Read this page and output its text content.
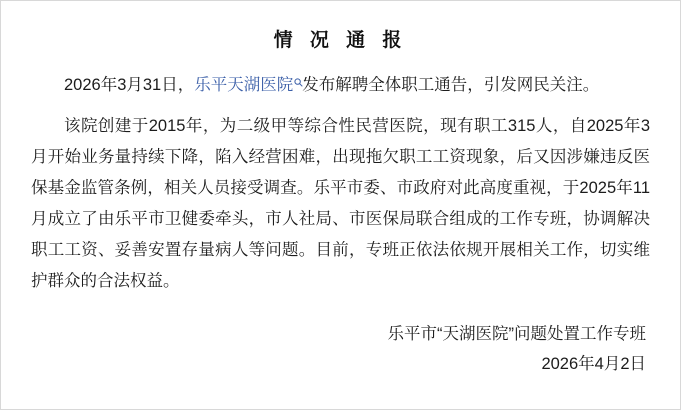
情 况 通 报

2026年3月31日，乐平天湖医院 发布解聘全体职工通告，引发网民关注。

该院创建于2015年，为二级甲等综合性民营医院，现有职工315人，自2025年3月开始业务量持续下降，陷入经营困难，出现拖欠职工工资现象，后又因涉嫌违反医保基金监管条例，相关人员接受调查。乐平市委、市政府对此高度重视，于2025年11月成立了由乐平市卫健委牵头，市人社局、市医保局联合组成的工作专班，协调解决职工工资、妥善安置存量病人等问题。目前，专班正依法依规开展相关工作，切实维护群众的合法权益。

乐平市“天湖医院”问题处置工作专班
2026年4月2日
